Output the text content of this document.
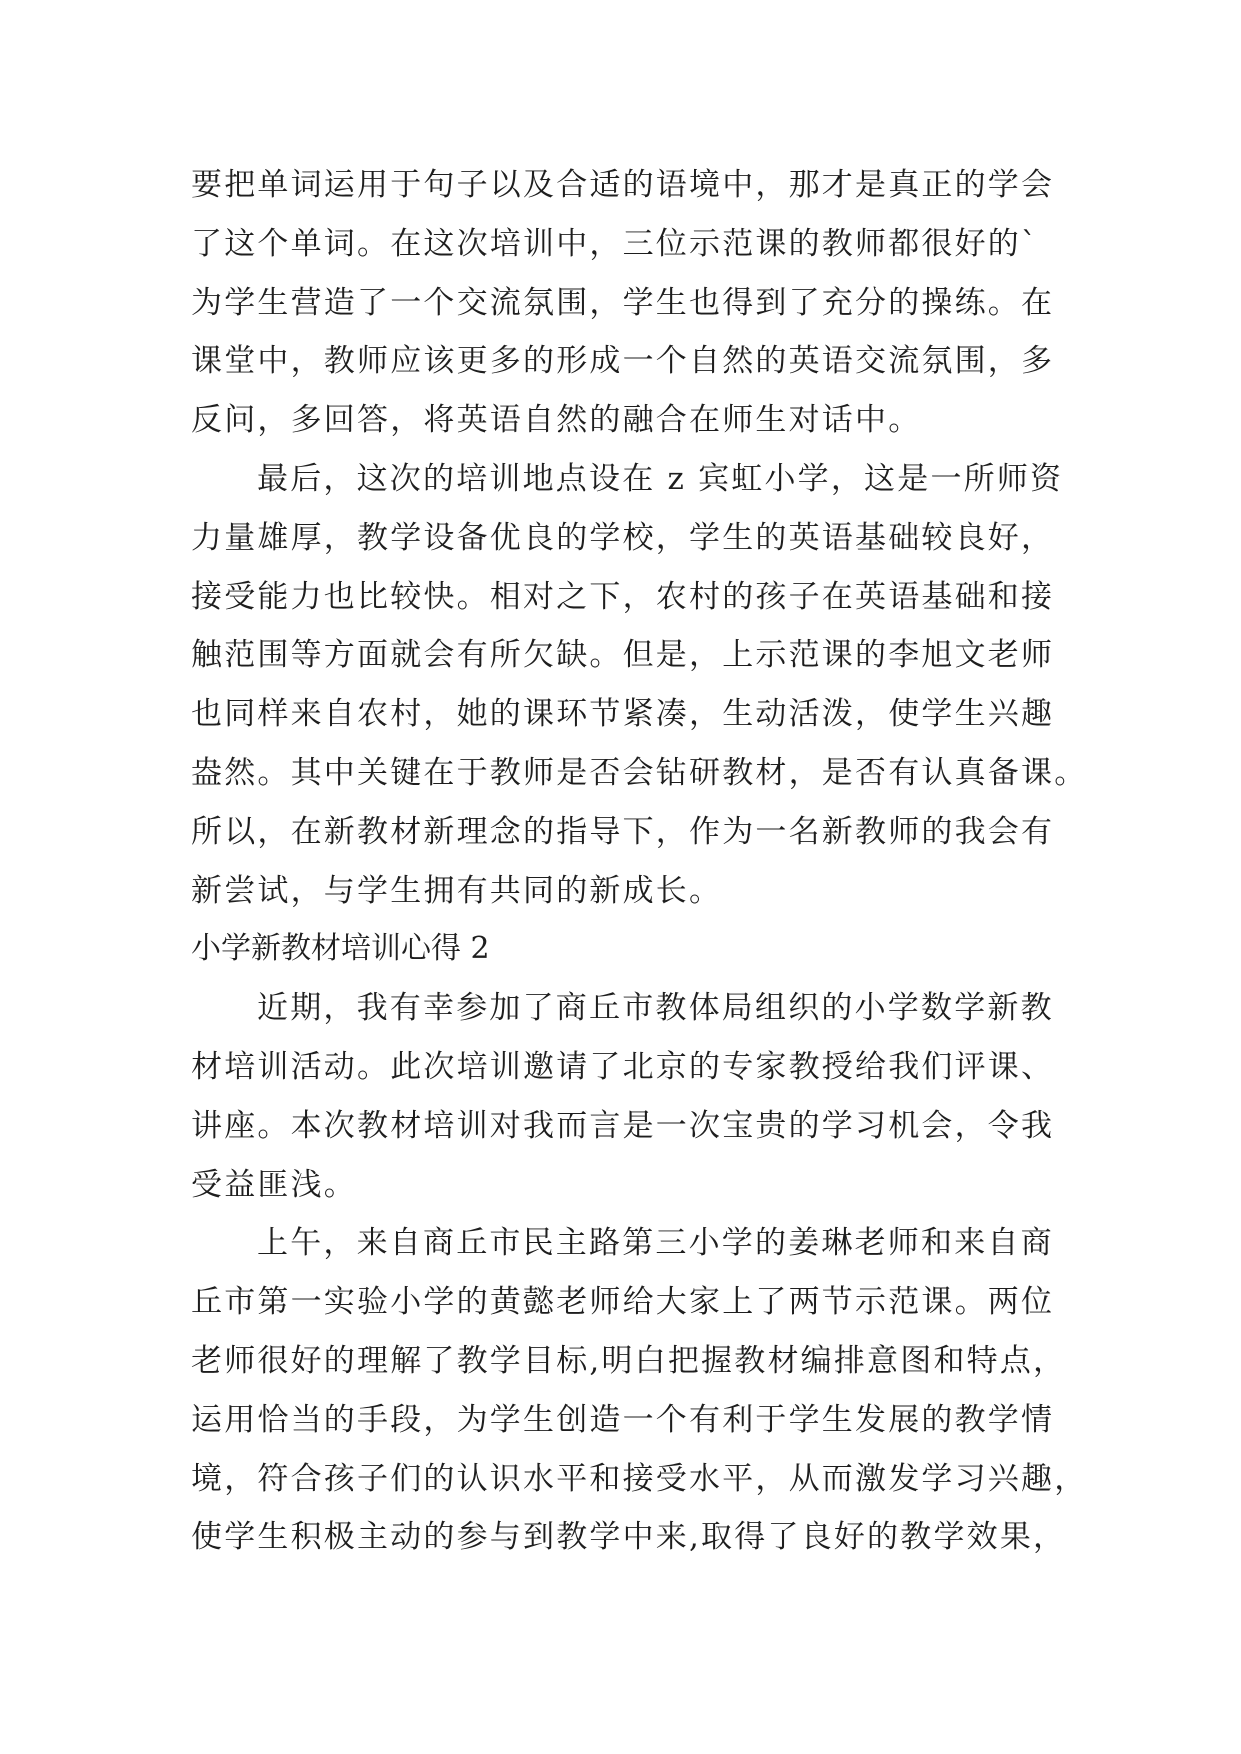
要把单词运用于句子以及合适的语境中，那才是真正的学会
了这个单词。在这次培训中，三位示范课的教师都很好的`
为学生营造了一个交流氛围，学生也得到了充分的操练。在
课堂中，教师应该更多的形成一个自然的英语交流氛围，多
反问，多回答，将英语自然的融合在师生对话中。
最后，这次的培训地点设在 z 宾虹小学，这是一所师资
力量雄厚，教学设备优良的学校，学生的英语基础较良好，
接受能力也比较快。相对之下，农村的孩子在英语基础和接
触范围等方面就会有所欠缺。但是，上示范课的李旭文老师
也同样来自农村，她的课环节紧凑，生动活泼，使学生兴趣
盎然。其中关键在于教师是否会钻研教材，是否有认真备课。
所以，在新教材新理念的指导下，作为一名新教师的我会有
新尝试，与学生拥有共同的新成长。
小学新教材培训心得 2
近期，我有幸参加了商丘市教体局组织的小学数学新教
材培训活动。此次培训邀请了北京的专家教授给我们评课、
讲座。本次教材培训对我而言是一次宝贵的学习机会，令我
受益匪浅。
上午，来自商丘市民主路第三小学的姜琳老师和来自商
丘市第一实验小学的黄懿老师给大家上了两节示范课。两位
老师很好的理解了教学目标,明白把握教材编排意图和特点，
运用恰当的手段，为学生创造一个有利于学生发展的教学情
境，符合孩子们的认识水平和接受水平，从而激发学习兴趣，
使学生积极主动的参与到教学中来,取得了良好的教学效果，
